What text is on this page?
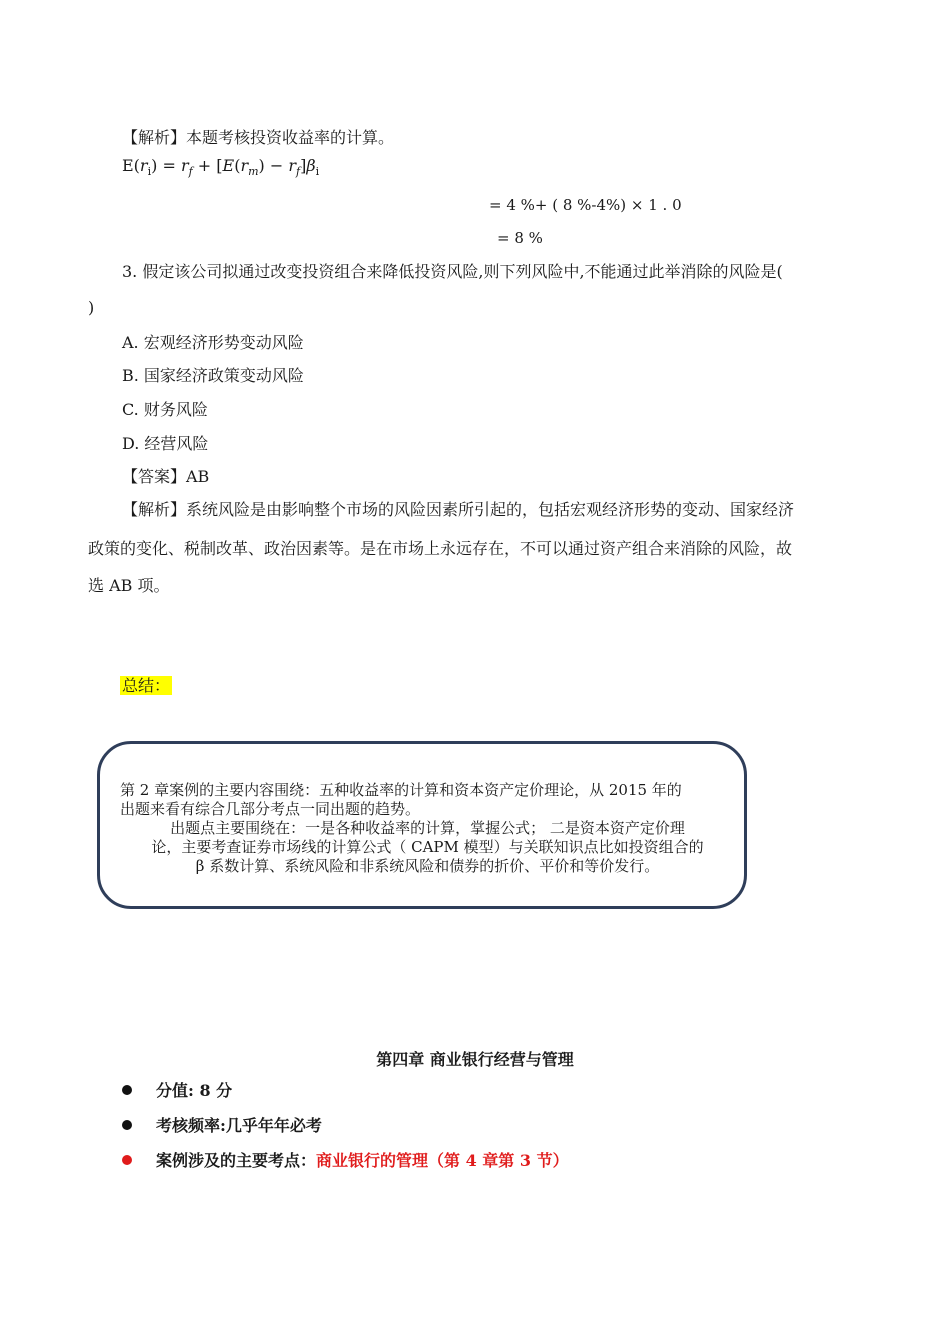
【解析】本题考核投资收益率的计算。
$E(r_i) = r_f + [E(r_m) - r_f]\beta_i$
= 4 %+ ( 8 %-4%) × 1 . 0
= 8 %
3. 假定该公司拟通过改变投资组合来降低投资风险,则下列风险中,不能通过此举消除的风险是(
)
A. 宏观经济形势变动风险
B. 国家经济政策变动风险
C. 财务风险
D. 经营风险
【答案】AB
【解析】系统风险是由影响整个市场的风险因素所引起的，包括宏观经济形势的变动、国家经济
政策的变化、税制改革、政治因素等。是在市场上永远存在，不可以通过资产组合来消除的风险，故
选 AB 项。
总结：

第 2 章案例的主要内容围绕：五种收益率的计算和资本资产定价理论，从 2015 年的

出题来看有综合几部分考点一同出题的趋势。

出题点主要围绕在：一是各种收益率的计算，掌握公式； 二是资本资产定价理

论，主要考查证券市场线的计算公式（ CAPM 模型）与关联知识点比如投资组合的

β 系数计算、系统风险和非系统风险和债券的折价、平价和等价发行。

第四章 商业银行经营与管理
分值: 8 分
考核频率:几乎年年必考
案例涉及的主要考点：商业银行的管理（第 4 章第 3 节）
